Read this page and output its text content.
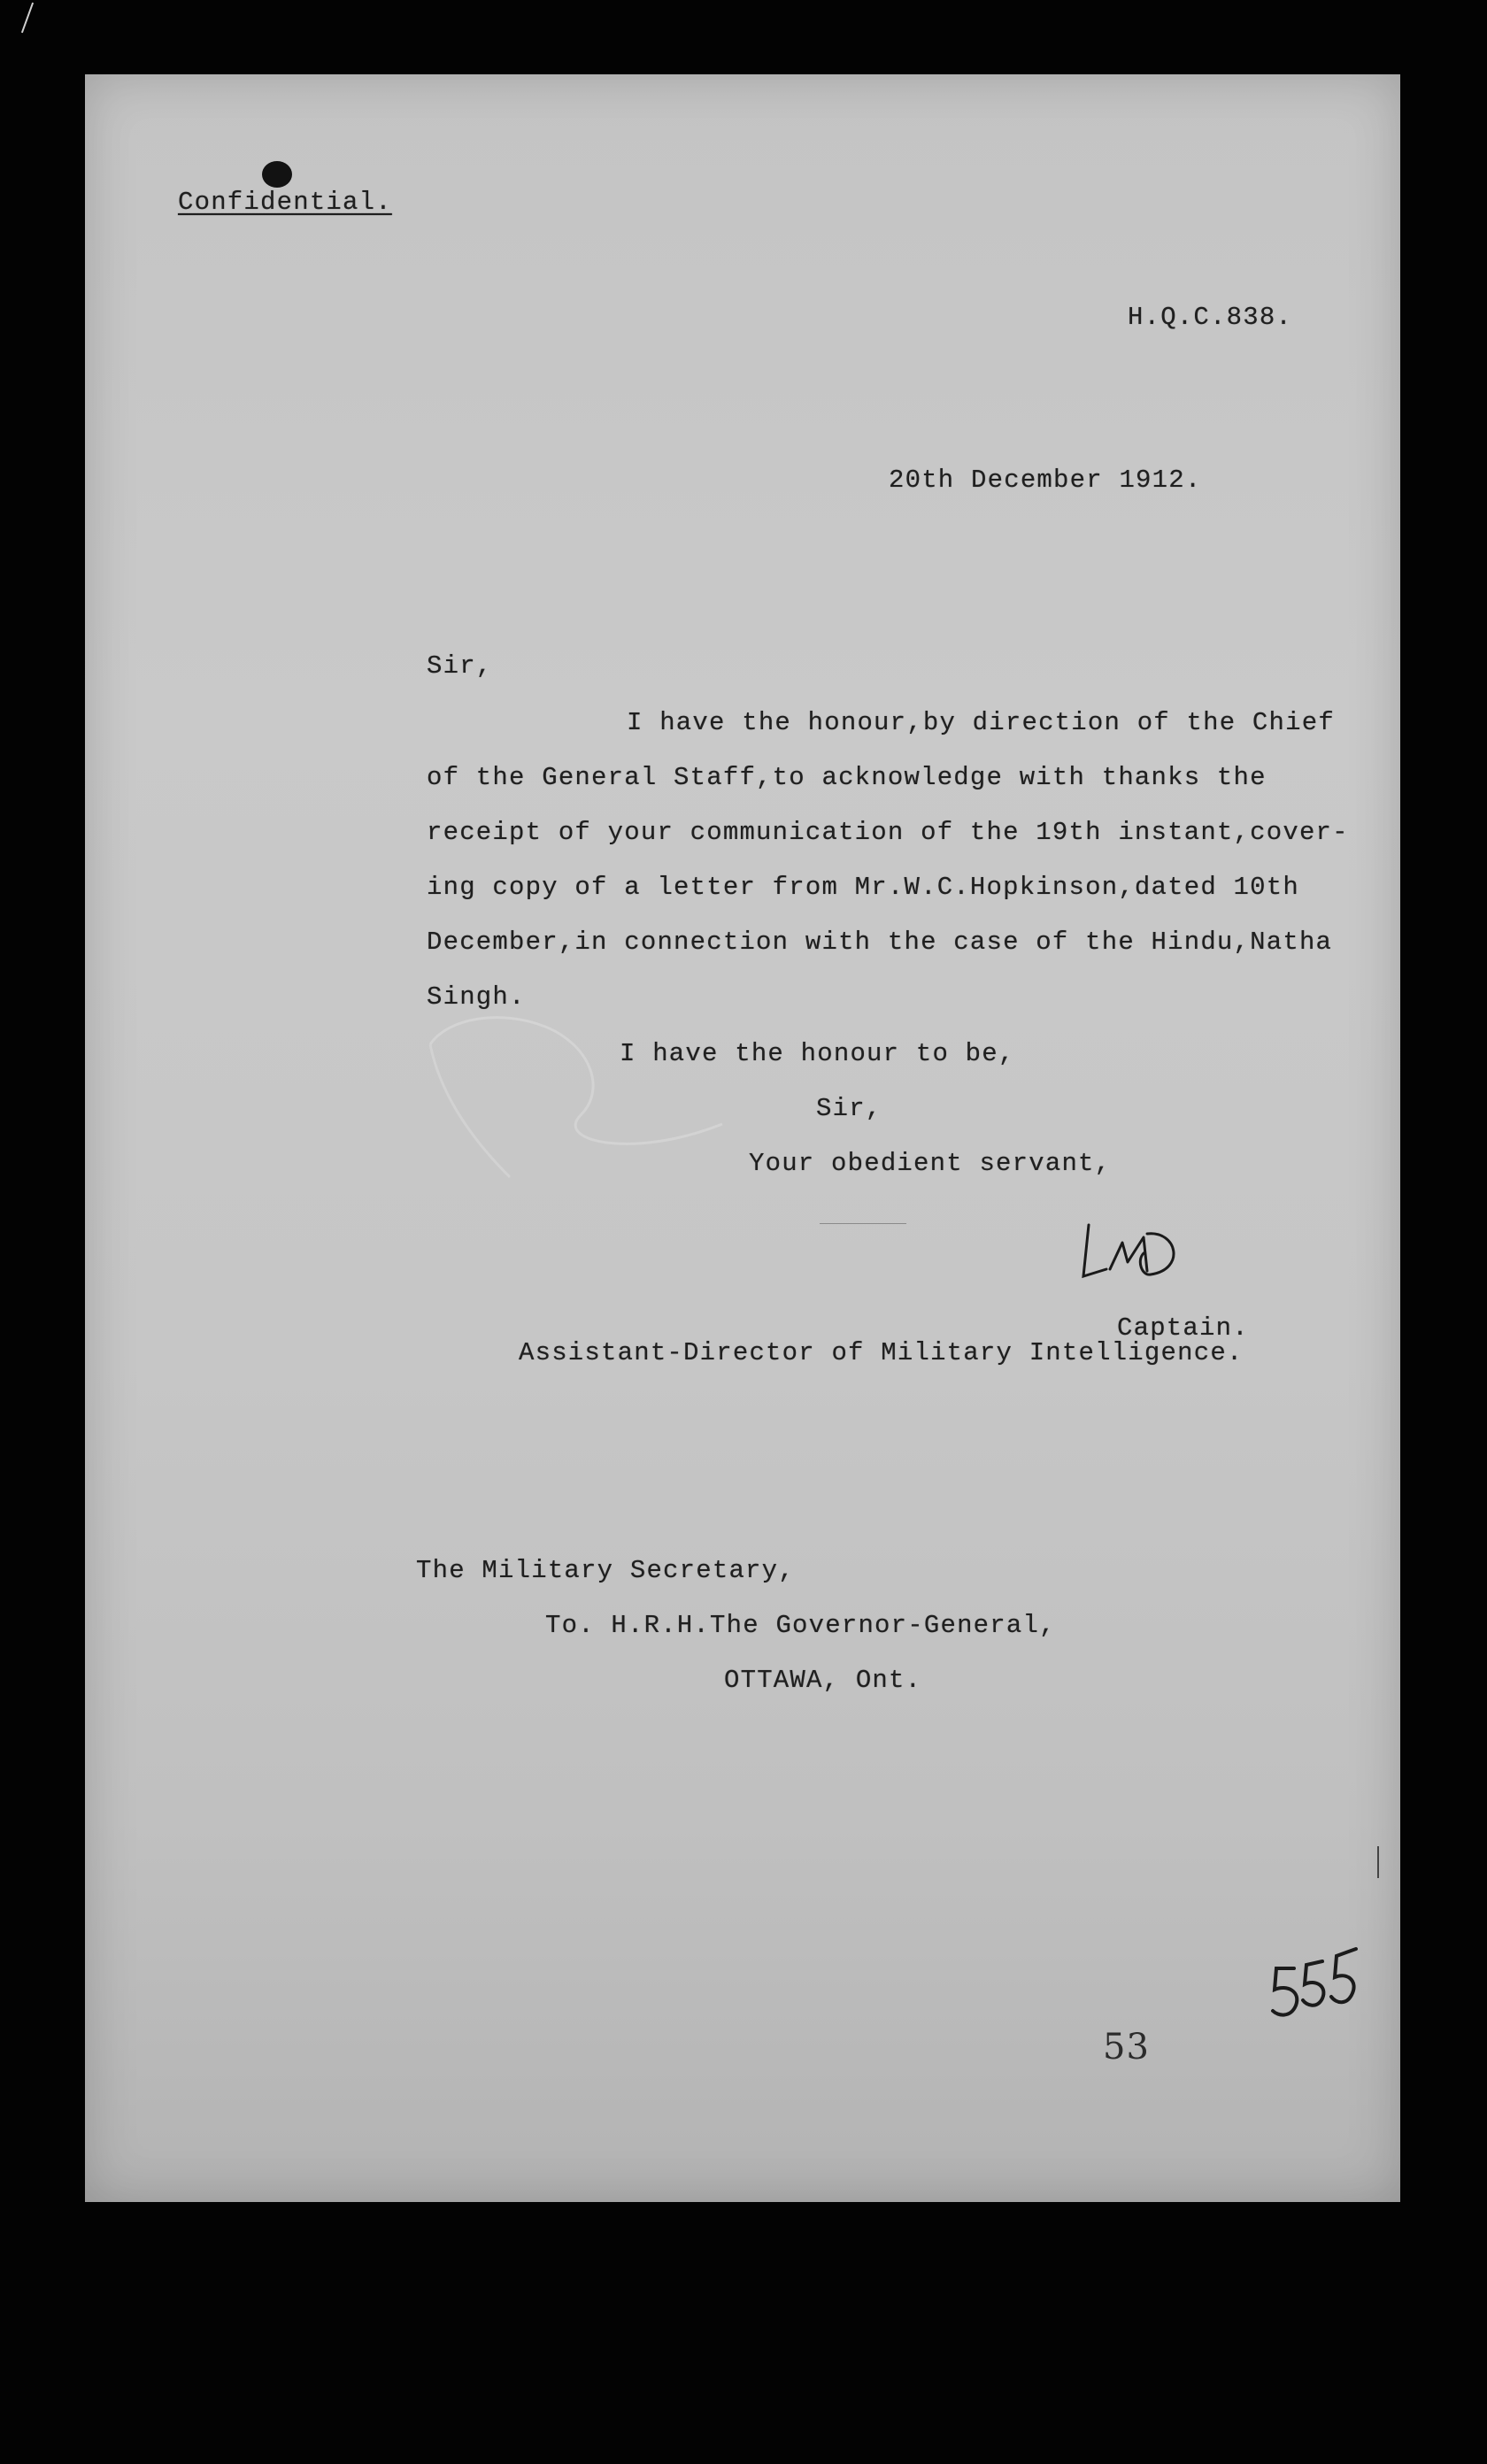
Confidential.
H.Q.C.838.
20th December 1912.
Sir,
I have the honour,by direction of the Chief
of the General Staff,to acknowledge with thanks the
receipt of your communication of the 19th instant,cover-
ing copy of a letter from Mr.W.C.Hopkinson,dated 10th
December,in connection with the case of the Hindu,Natha
Singh.
I have the honour to be,
Sir,
Your obedient servant,
Captain.
Assistant-Director of Military Intelligence.
The Military Secretary,
To. H.R.H.The Governor-General,
OTTAWA, Ont.
53
